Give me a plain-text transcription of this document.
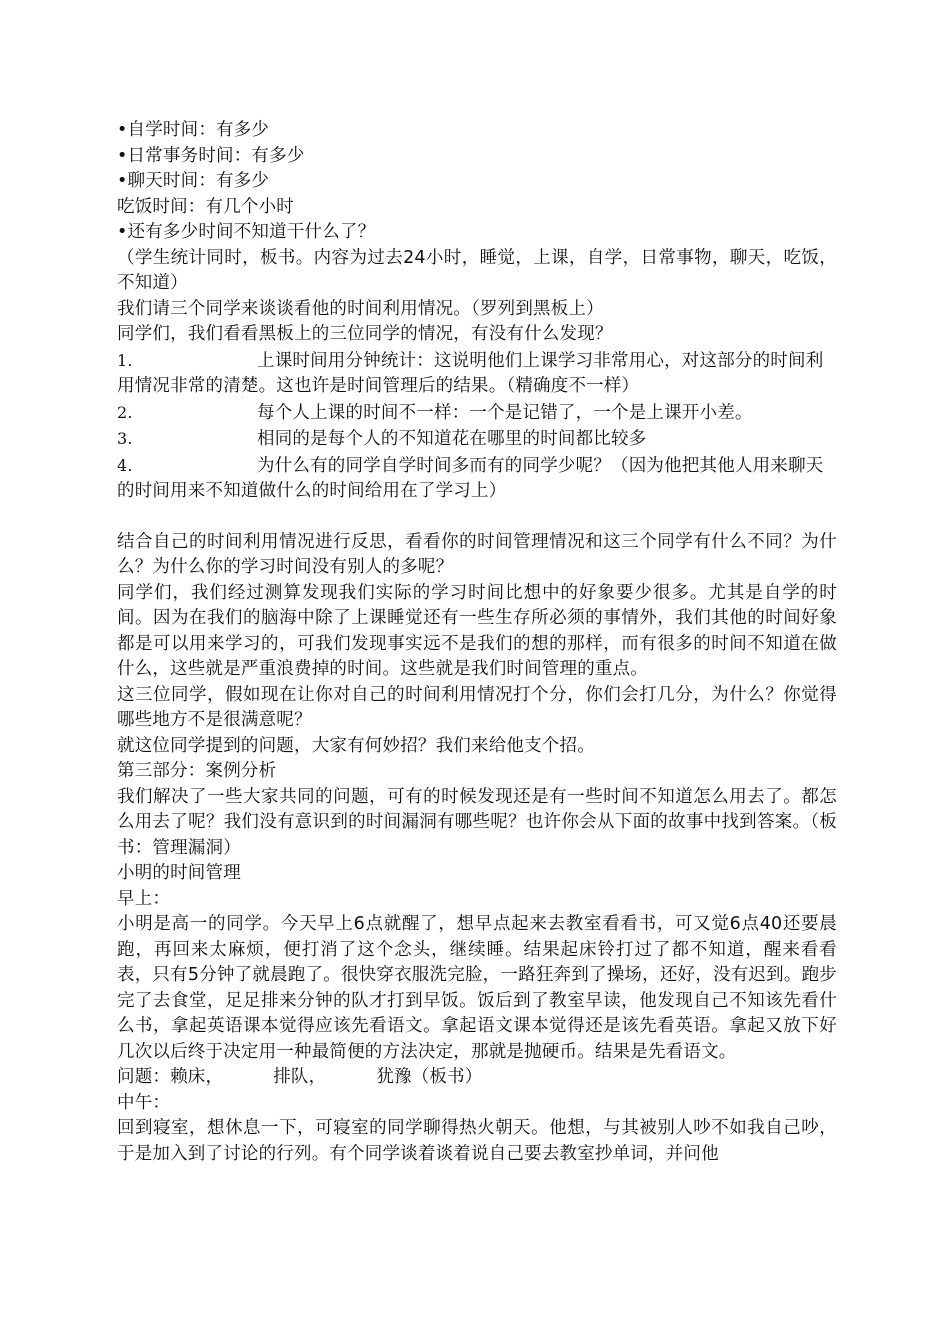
•自学时间：有多少
•日常事务时间：有多少
•聊天时间：有多少
吃饭时间：有几个小时
•还有多少时间不知道干什么了？
（学生统计同时，板书。内容为过去24小时，睡觉，上课，自学，日常事物，聊天，吃饭，不知道）
我们请三个同学来谈谈看他的时间利用情况。（罗列到黑板上）
同学们，我们看看黑板上的三位同学的情况，有没有什么发现？
1.	上课时间用分钟统计：这说明他们上课学习非常用心，对这部分的时间利用情况非常的清楚。这也许是时间管理后的结果。（精确度不一样）
2.	每个人上课的时间不一样：一个是记错了，一个是上课开小差。
3.	相同的是每个人的不知道花在哪里的时间都比较多
4.	为什么有的同学自学时间多而有的同学少呢？（因为他把其他人用来聊天的时间用来不知道做什么的时间给用在了学习上）
结合自己的时间利用情况进行反思，看看你的时间管理情况和这三个同学有什么不同？为什么？为什么你的学习时间没有别人的多呢？
同学们，我们经过测算发现我们实际的学习时间比想中的好象要少很多。尤其是自学的时间。因为在我们的脑海中除了上课睡觉还有一些生存所必须的事情外，我们其他的时间好象都是可以用来学习的，可我们发现事实远不是我们的想的那样，而有很多的时间不知道在做什么，这些就是严重浪费掉的时间。这些就是我们时间管理的重点。
这三位同学，假如现在让你对自己的时间利用情况打个分，你们会打几分，为什么？你觉得哪些地方不是很满意呢？
就这位同学提到的问题，大家有何妙招？我们来给他支个招。
第三部分：案例分析
我们解决了一些大家共同的问题，可有的时候发现还是有一些时间不知道怎么用去了。都怎么用去了呢？我们没有意识到的时间漏洞有哪些呢？也许你会从下面的故事中找到答案。（板书：管理漏洞）
小明的时间管理
早上：
小明是高一的同学。今天早上6点就醒了，想早点起来去教室看看书，可又觉6点40还要晨跑，再回来太麻烦，便打消了这个念头，继续睡。结果起床铃打过了都不知道，醒来看看表，只有5分钟了就晨跑了。很快穿衣服洗完脸，一路狂奔到了操场，还好，没有迟到。跑步完了去食堂，足足排来分钟的队才打到早饭。饭后到了教室早读，他发现自己不知该先看什么书，拿起英语课本觉得应该先看语文。拿起语文课本觉得还是该先看英语。拿起又放下好几次以后终于决定用一种最简便的方法决定，那就是抛硬币。结果是先看语文。
问题：赖床，	排队，	犹豫（板书）
中午：
回到寝室，想休息一下，可寝室的同学聊得热火朝天。他想，与其被别人吵不如我自己吵，于是加入到了讨论的行列。有个同学谈着谈着说自己要去教室抄单词，并问他
